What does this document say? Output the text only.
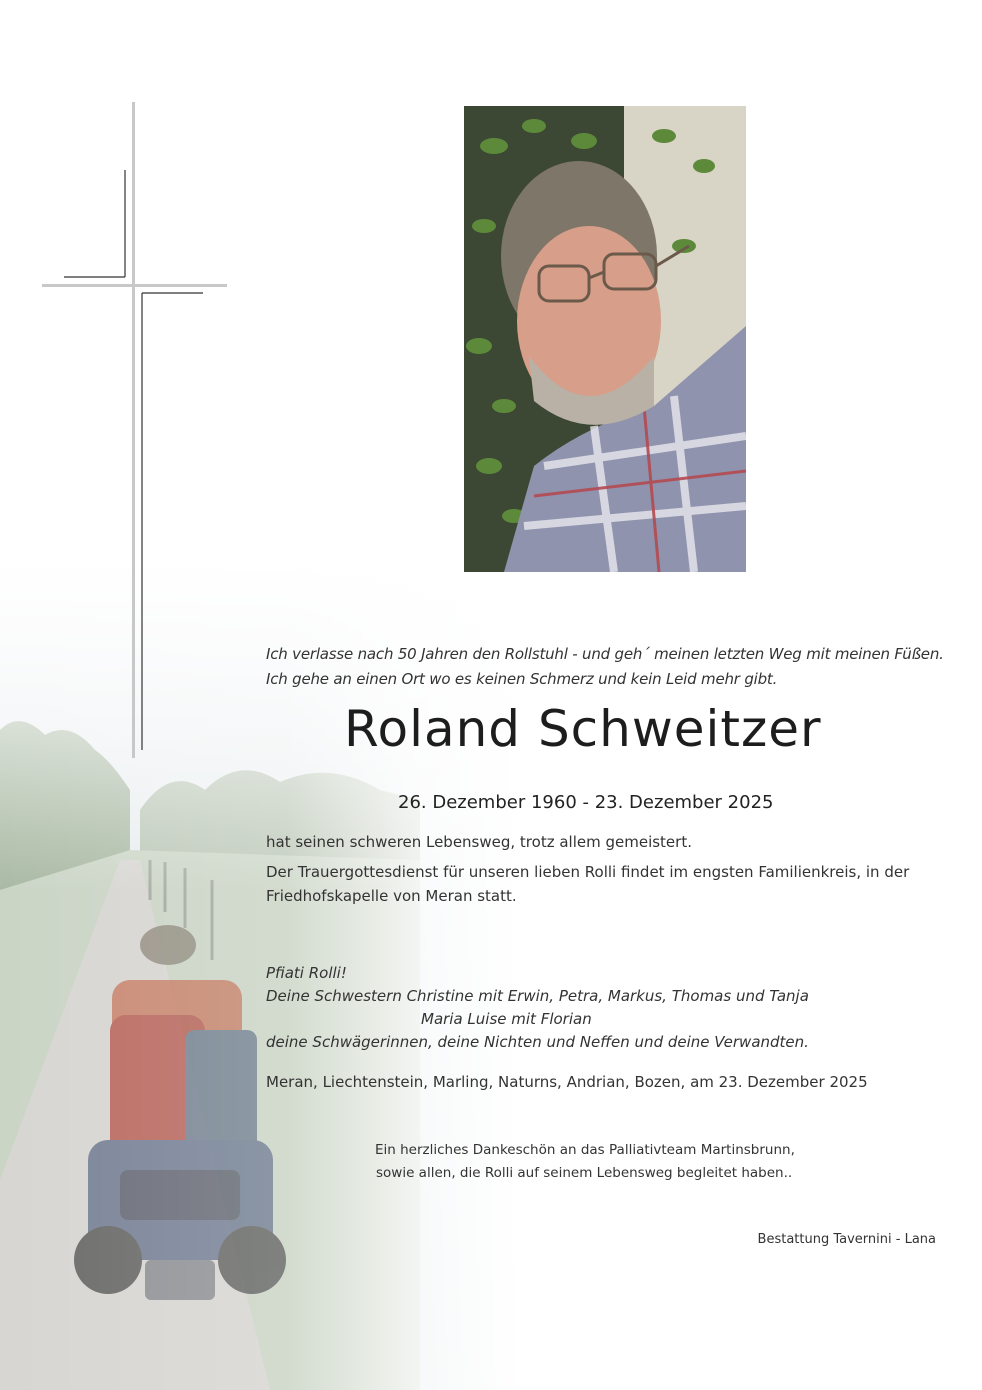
Ich verlasse nach 50 Jahren den Rollstuhl - und geh´ meinen letzten Weg mit meinen Füßen.

Ich gehe an einen Ort wo es keinen Schmerz und kein Leid mehr gibt.

Roland Schweitzer

26. Dezember 1960 - 23. Dezember 2025

hat seinen schweren Lebensweg, trotz allem gemeistert.

Der Trauergottesdienst für unseren lieben Rolli findet im engsten Familienkreis, in der

Friedhofskapelle von Meran statt.

Pfiati Rolli!

Deine Schwestern Christine mit Erwin, Petra, Markus, Thomas und Tanja

Maria Luise mit Florian

deine Schwägerinnen, deine Nichten und Neffen und deine Verwandten.

Meran, Liechtenstein, Marling, Naturns, Andrian, Bozen, am 23. Dezember 2025

Ein herzliches Dankeschön an das Palliativteam Martinsbrunn,

sowie allen, die Rolli auf seinem Lebensweg begleitet haben..

Bestattung Tavernini - Lana
